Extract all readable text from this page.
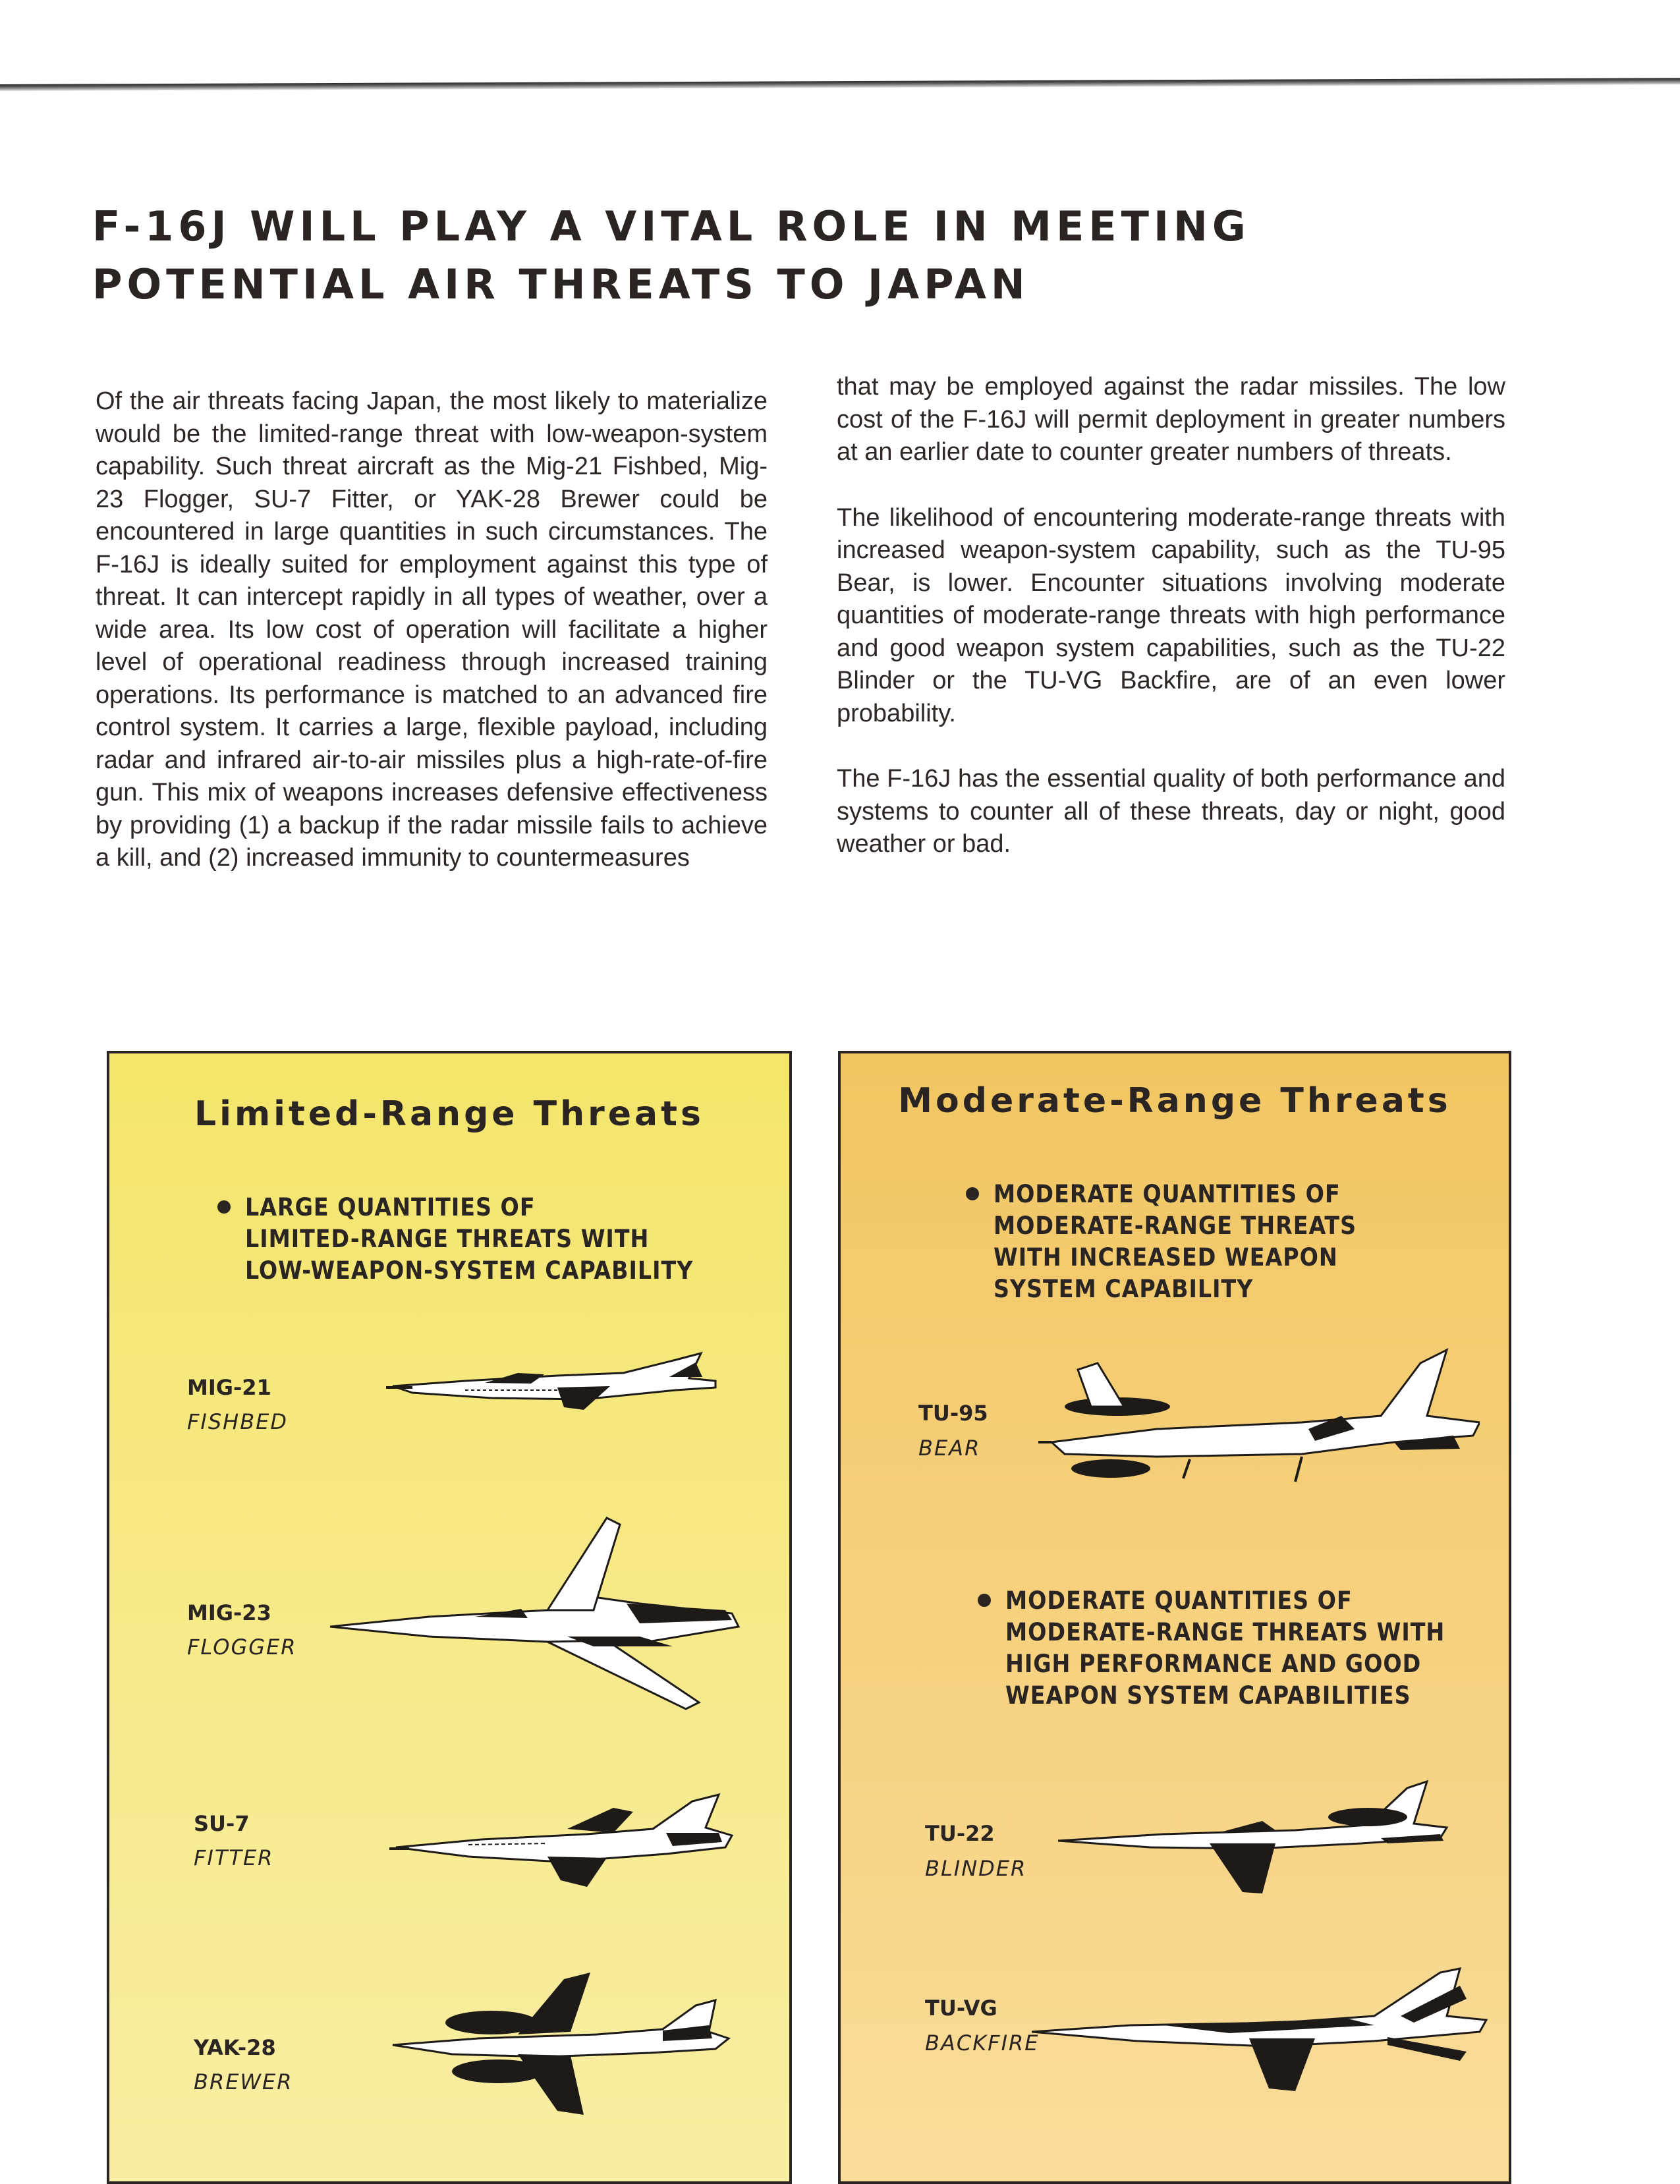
F-16J WILL PLAY A VITAL ROLE IN MEETING
POTENTIAL AIR THREATS TO JAPAN

Of the air threats facing Japan, the most likely to materialize would be the limited-range threat with low-weapon-system capability. Such threat aircraft as the Mig-21 Fishbed, Mig-23 Flogger, SU-7 Fitter, or YAK-28 Brewer could be encountered in large quantities in such circumstances. The F-16J is ideally suited for employment against this type of threat. It can intercept rapidly in all types of weather, over a wide area. Its low cost of operation will facilitate a higher level of operational readiness through increased training operations. Its performance is matched to an advanced fire control system. It carries a large, flexible payload, including radar and infrared air-to-air missiles plus a high-rate-of-fire gun. This mix of weapons increases defensive effectiveness by providing (1) a backup if the radar missile fails to achieve a kill, and (2) increased immunity to countermeasures

that may be employed against the radar missiles. The low cost of the F-16J will permit deployment in greater numbers at an earlier date to counter greater numbers of threats.

The likelihood of encountering moderate-range threats with increased weapon-system capability, such as the TU-95 Bear, is lower. Encounter situations involving moderate quantities of moderate-range threats with high performance and good weapon system capabilities, such as the TU-22 Blinder or the TU-VG Backfire, are of an even lower probability.

The F-16J has the essential quality of both performance and systems to counter all of these threats, day or night, good weather or bad.

Limited-Range Threats
LARGE QUANTITIES OF
LIMITED-RANGE THREATS WITH
LOW-WEAPON-SYSTEM CAPABILITY
MIG-21
FISHBED
MIG-23
FLOGGER
SU-7
FITTER
YAK-28
BREWER
Moderate-Range Threats
MODERATE QUANTITIES OF
MODERATE-RANGE THREATS
WITH INCREASED WEAPON
SYSTEM CAPABILITY
TU-95
BEAR
MODERATE QUANTITIES OF
MODERATE-RANGE THREATS WITH
HIGH PERFORMANCE AND GOOD
WEAPON SYSTEM CAPABILITIES
TU-22
BLINDER
TU-VG
BACKFIRE
